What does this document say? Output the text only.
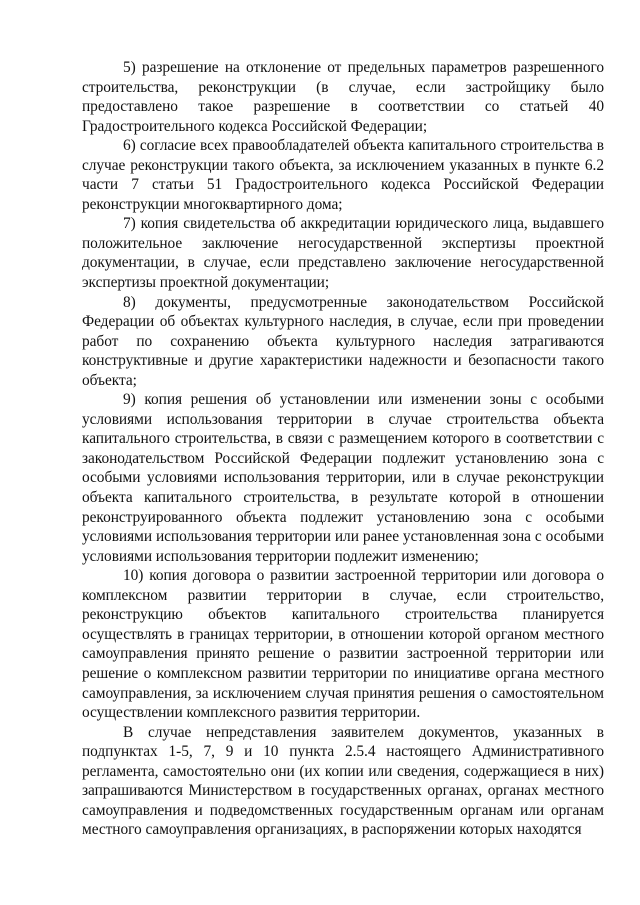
5) разрешение на отклонение от предельных параметров разрешенного строительства, реконструкции (в случае, если застройщику было предоставлено такое разрешение в соответствии со статьей 40 Градостроительного кодекса Российской Федерации;

6) согласие всех правообладателей объекта капитального строительства в случае реконструкции такого объекта, за исключением указанных в пункте 6.2 части 7 статьи 51 Градостроительного кодекса Российской Федерации реконструкции многоквартирного дома;

7) копия свидетельства об аккредитации юридического лица, выдавшего положительное заключение негосударственной экспертизы проектной документации, в случае, если представлено заключение негосударственной экспертизы проектной документации;

8) документы, предусмотренные законодательством Российской Федерации об объектах культурного наследия, в случае, если при проведении работ по сохранению объекта культурного наследия затрагиваются конструктивные и другие характеристики надежности и безопасности такого объекта;

9) копия решения об установлении или изменении зоны с особыми условиями использования территории в случае строительства объекта капитального строительства, в связи с размещением которого в соответствии с законодательством Российской Федерации подлежит установлению зона с особыми условиями использования территории, или в случае реконструкции объекта капитального строительства, в результате которой в отношении реконструированного объекта подлежит установлению зона с особыми условиями использования территории или ранее установленная зона с особыми условиями использования территории подлежит изменению;

10) копия договора о развитии застроенной территории или договора о комплексном развитии территории в случае, если строительство, реконструкцию объектов капитального строительства планируется осуществлять в границах территории, в отношении которой органом местного самоуправления принято решение о развитии застроенной территории или решение о комплексном развитии территории по инициативе органа местного самоуправления, за исключением случая принятия решения о самостоятельном осуществлении комплексного развития территории.

В случае непредставления заявителем документов, указанных в подпунктах 1-5, 7, 9 и 10 пункта 2.5.4 настоящего Административного регламента, самостоятельно они (их копии или сведения, содержащиеся в них) запрашиваются Министерством в государственных органах, органах местного самоуправления и подведомственных государственным органам или органам местного самоуправления организациях, в распоряжении которых находятся
